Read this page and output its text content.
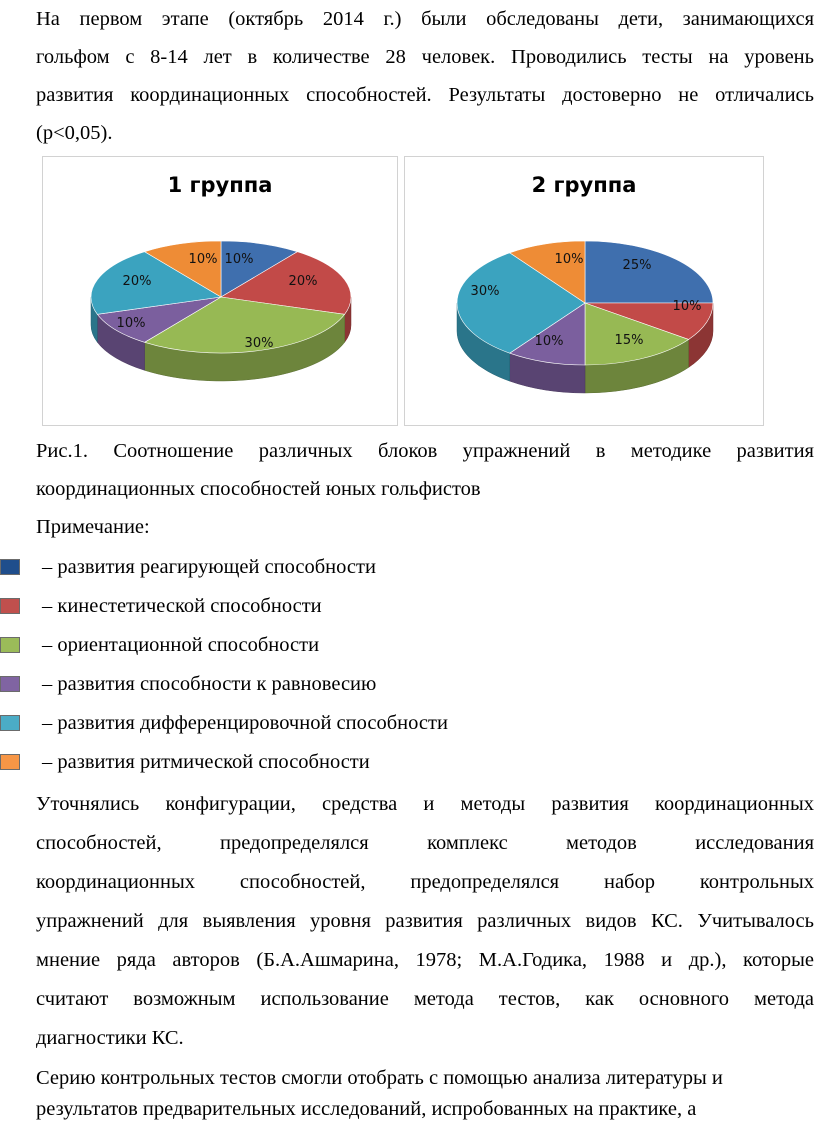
На первом этапе (октябрь 2014 г.) были обследованы дети, занимающихся
гольфом с 8-14 лет в количестве 28 человек. Проводились тесты на уровень
развития координационных способностей. Результаты достоверно не отличались
(р<0,05).
1 группа
10%
20%
30%
10%
20%
10%
2 группа
25%
10%
15%
10%
30%
10%
Рис.1. Соотношение различных блоков упражнений в методике развития
координационных способностей юных гольфистов
Примечание:
– развития реагирующей способности
– кинестетической способности
– ориентационной способности
– развития способности к равновесию
– развития дифференцировочной способности
– развития ритмической способности
Уточнялись конфигурации, средства и методы развития координационных
способностей, предопределялся комплекс методов исследования
координационных способностей, предопределялся набор контрольных
упражнений для выявления уровня развития различных видов КС. Учитывалось
мнение ряда авторов (Б.А.Ашмарина, 1978; М.А.Годика, 1988 и др.), которые
считают возможным использование метода тестов, как основного метода
диагностики КС.
Серию контрольных тестов смогли отобрать с помощью анализа литературы и
результатов предварительных исследований, испробованных на практике, а
